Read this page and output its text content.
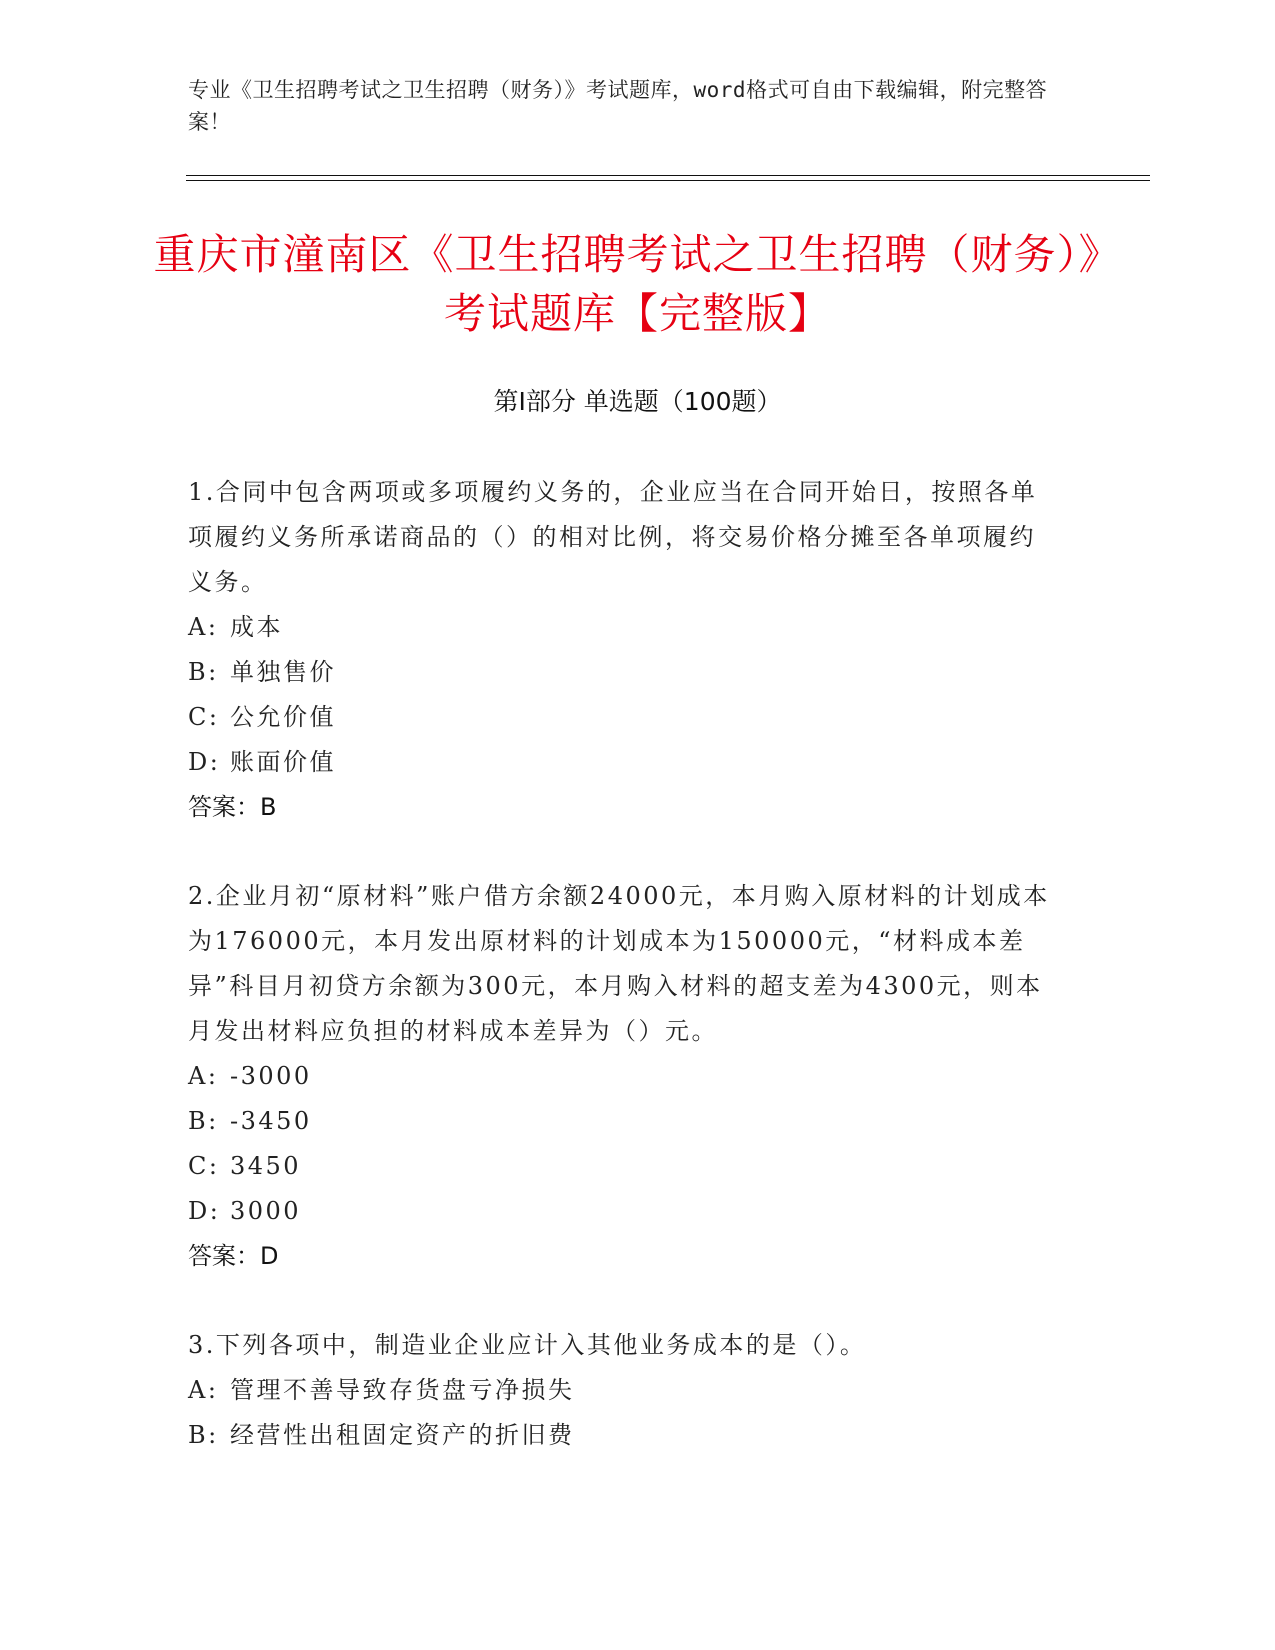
专业《卫生招聘考试之卫生招聘（财务）》考试题库，word格式可自由下载编辑，附完整答案！
重庆市潼南区《卫生招聘考试之卫生招聘（财务）》考试题库【完整版】
第Ⅰ部分 单选题（100题）

1.合同中包含两项或多项履约义务的，企业应当在合同开始日，按照各单项履约义务所承诺商品的（）的相对比例，将交易价格分摊至各单项履约义务。

A: 成本

B: 单独售价

C: 公允价值

D: 账面价值

答案：B

2.企业月初“原材料”账户借方余额24000元，本月购入原材料的计划成本为176000元，本月发出原材料的计划成本为150000元，“材料成本差异”科目月初贷方余额为300元，本月购入材料的超支差为4300元，则本月发出材料应负担的材料成本差异为（）元。

A: -3000

B: -3450

C: 3450

D: 3000

答案：D

3.下列各项中，制造业企业应计入其他业务成本的是（）。

A: 管理不善导致存货盘亏净损失

B: 经营性出租固定资产的折旧费
